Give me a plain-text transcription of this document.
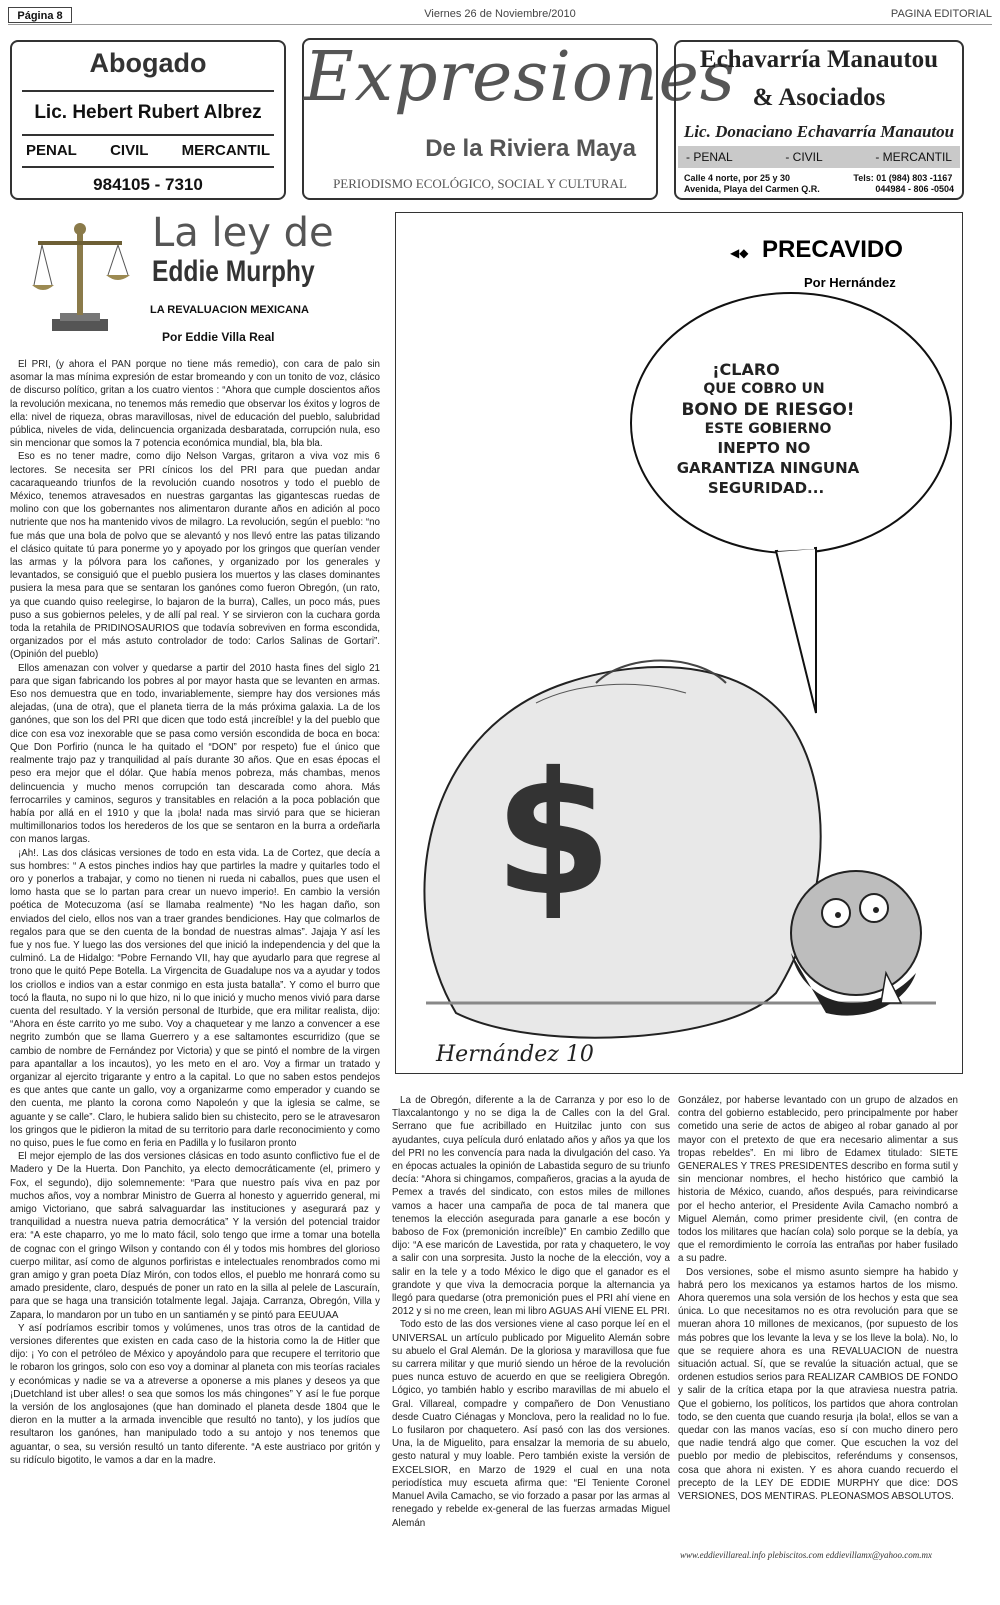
Página 8	Viernes 26 de Noviembre/2010	PAGINA EDITORIAL
Abogado
Lic. Hebert Rubert Albrez
PENAL CIVIL MERCANTIL
984105 - 7310
Expresiones
De la Riviera Maya
PERIODISMO ECOLÓGICO, SOCIAL Y CULTURAL
Echavarría Manautou
& Asociados
Lic. Donaciano Echavarría Manautou
- PENAL	- CIVIL	- MERCANTIL
Calle 4 norte, por 25 y 30
Avenida, Playa del Carmen Q.R.
Tels: 01 (984) 803 -1167
044984 - 806 -0504
La ley de
Eddie Murphy
LA REVALUACION MEXICANA
Por Eddie Villa Real

El PRI, (y ahora el PAN porque no tiene más remedio), con cara de palo sin asomar la mas mínima expresión de estar bromeando y con un tonito de voz, clásico de discurso político, gritan a los cuatro vientos : “Ahora que cumple doscientos años la revolución mexicana, no tenemos más remedio que observar los éxitos y logros de ella: nivel de riqueza, obras maravillosas, nivel de educación del pueblo, salubridad pública, niveles de vida, delincuencia organizada desbaratada, corrupción nula, eso sin mencionar que somos la 7 potencia económica mundial, bla, bla bla.

Eso es no tener madre, como dijo Nelson Vargas, gritaron a viva voz mis 6 lectores. Se necesita ser PRI cínicos los del PRI para que puedan andar cacaraqueando triunfos de la revolución cuando nosotros y todo el pueblo de México, tenemos atravesados en nuestras gargantas las gigantescas ruedas de molino con que los gobernantes nos alimentaron durante años en adición al poco nutriente que nos ha mantenido vivos de milagro. La revolución, según el pueblo: “no fue más que una bola de polvo que se alevantó y nos llevó entre las patas tilizando el clásico quitate tú para ponerme yo y apoyado por los gringos que querían vender las armas y la pólvora para los cañones, y organizado por los generales y levantados, se consiguió que el pueblo pusiera los muertos y las clases dominantes pusiera la mesa para que se sentaran los ganónes como fueron Obregón, (un rato, ya que cuando quiso reelegirse, lo bajaron de la burra), Calles, un poco más, pues puso a sus gobiernos peleles, y de allí pal real. Y se sirvieron con la cuchara gorda toda la retahila de PRIDINOSAURIOS que todavía sobreviven en forma escondida, organizados por el más astuto controlador de todo: Carlos Salinas de Gortari”. (Opinión del pueblo)

Ellos amenazan con volver y quedarse a partir del 2010 hasta fines del siglo 21 para que sigan fabricando los pobres al por mayor hasta que se levanten en armas. Eso nos demuestra que en todo, invariablemente, siempre hay dos versiones más alejadas, (una de otra), que el planeta tierra de la más próxima galaxia. La de los ganónes, que son los del PRI que dicen que todo está ¡increíble! y la del pueblo que dice con esa voz inexorable que se pasa como versión escondida de boca en boca: Que Don Porfirio (nunca le ha quitado el “DON” por respeto) fue el único que realmente trajo paz y tranquilidad al país durante 30 años. Que en esas épocas el peso era mejor que el dólar. Que había menos pobreza, más chambas, menos delincuencia y mucho menos corrupción tan descarada como ahora. Más ferrocarriles y caminos, seguros y transitables en relación a la poca población que había por allá en el 1910 y que la ¡bola! nada mas sirvió para que se hicieran multimillonarios todos los herederos de los que se sentaron en la burra a ordeñarla con manos largas.

¡Ah!. Las dos clásicas versiones de todo en esta vida. La de Cortez, que decía a sus hombres: “ A estos pinches indios hay que partirles la madre y quitarles todo el oro y ponerlos a trabajar, y como no tienen ni rueda ni caballos, pues que usen el lomo hasta que se lo partan para crear un nuevo imperio!. En cambio la versión poética de Motecuzoma (así se llamaba realmente) “No les hagan daño, son enviados del cielo, ellos nos van a traer grandes bendiciones. Hay que colmarlos de regalos para que se den cuenta de la bondad de nuestras almas”. Jajaja Y así les fue y nos fue. Y luego las dos versiones del que inició la independencia y del que la culminó. La de Hidalgo: “Pobre Fernando VII, hay que ayudarlo para que regrese al trono que le quitó Pepe Botella. La Virgencita de Guadalupe nos va a ayudar y todos los criollos e indios van a estar conmigo en esta justa batalla”. Y como el burro que tocó la flauta, no supo ni lo que hizo, ni lo que inició y mucho menos vivió para darse cuenta del resultado. Y la versión personal de Iturbide, que era militar realista, dijo: “Ahora en éste carrito yo me subo. Voy a chaquetear y me lanzo a convencer a ese negrito zumbón que se llama Guerrero y a ese saltamontes escurridizo (que se cambio de nombre de Fernández por Victoria) y que se pintó el nombre de la virgen para apantallar a los incautos), yo les meto en el aro. Voy a firmar un tratado y organizar al ejercito trigarante y entro a la capital. Lo que no saben estos pendejos es que antes que cante un gallo, voy a organizarme como emperador y cuando se den cuenta, me planto la corona como Napoleón y que la iglesia se calme, se aguante y se calle”. Claro, le hubiera salido bien su chistecito, pero se le atravesaron los gringos que le pidieron la mitad de su territorio para darle reconocimiento y como no quiso, pues le fue como en feria en Padilla y lo fusilaron pronto

El mejor ejemplo de las dos versiones clásicas en todo asunto conflictivo fue el de Madero y De la Huerta. Don Panchito, ya electo democráticamente (el, primero y Fox, el segundo), dijo solemnemente: “Para que nuestro país viva en paz por muchos años, voy a nombrar Ministro de Guerra al honesto y aguerrido general, mi amigo Victoriano, que sabrá salvaguardar las instituciones y asegurará paz y tranquilidad a nuestra nueva patria democrática” Y la versión del potencial traidor era: “A este chaparro, yo me lo mato fácil, solo tengo que irme a tomar una botella de cognac con el gringo Wilson y contando con él y todos mis hombres del glorioso cuerpo militar, así como de algunos porfiristas e intelectuales renombrados como mi gran amigo y gran poeta Díaz Mirón, con todos ellos, el pueblo me honrará como su amado presidente, claro, después de poner un rato en la silla al pelele de Lascuraín, para que se haga una transición totalmente legal. Jajaja. Carranza, Obregón, Villa y Zapara, lo mandaron por un tubo en un santiamén y se pintó para EEUUAA

Y así podríamos escribir tomos y volúmenes, unos tras otros de la cantidad de versiones diferentes que existen en cada caso de la historia como la de Hitler que dijo: ¡ Yo con el petróleo de México y apoyándolo para que recupere el territorio que le robaron los gringos, solo con eso voy a dominar al planeta con mis teorías raciales y económicas y nadie se va a atreverse a oponerse a mis planes y deseos ya que ¡Duetchland ist uber alles! o sea que somos los más chingones” Y así le fue porque la versión de los anglosajones (que han dominado el planeta desde 1804 que le dieron en la mutter a la armada invencible que resultó no tanto), y los judíos que resultaron los ganónes, han manipulado todo a su antojo y nos tenemos que aguantar, o sea, su versión resultó un tanto diferente. “A este austriaco por gritón y su ridículo bigotito, le vamos a dar en la madre.

◀◆ PRECAVIDO
Por Hernández
¡CLARO
QUE COBRO UN
BONO DE RIESGO!
ESTE GOBIERNO
INEPTO NO
GARANTIZA NINGUNA
SEGURIDAD...
$
Hernández 10

La de Obregón, diferente a la de Carranza y por eso lo de Tlaxcalantongo y no se diga la de Calles con la del Gral. Serrano que fue acribillado en Huitzilac junto con sus ayudantes, cuya película duró enlatado años y años ya que los del PRI no les convencía para nada la divulgación del caso. Ya en épocas actuales la opinión de Labastida seguro de su triunfo decía: “Ahora si chingamos, compañeros, gracias a la ayuda de Pemex a través del sindicato, con estos miles de millones vamos a hacer una campaña de poca de tal manera que tenemos la elección asegurada para ganarle a ese bocón y baboso de Fox (premonición increíble)” En cambio Zedillo que dijo: “A ese maricón de Lavestida, por rata y chaquetero, le voy a salir con una sorpresita. Justo la noche de la elección, voy a salir en la tele y a todo México le digo que el ganador es el grandote y que viva la democracia porque la alternancia ya llegó para quedarse (otra premonición pues el PRI ahí viene en 2012 y si no me creen, lean mi libro AGUAS AHÍ VIENE EL PRI.

Todo esto de las dos versiones viene al caso porque leí en el UNIVERSAL un artículo publicado por Miguelito Alemán sobre su abuelo el Gral Alemán. De la gloriosa y maravillosa que fue su carrera militar y que murió siendo un héroe de la revolución pues nunca estuvo de acuerdo en que se reeligiera Obregón. Lógico, yo también hablo y escribo maravillas de mi abuelo el Gral. Villareal, compadre y compañero de Don Venustiano desde Cuatro Ciénagas y Monclova, pero la realidad no lo fue. Lo fusilaron por chaquetero. Así pasó con las dos versiones. Una, la de Miguelito, para ensalzar la memoria de su abuelo, gesto natural y muy loable. Pero también existe la versión de EXCELSIOR, en Marzo de 1929 el cual en una nota periodística muy escueta afirma que: “El Teniente Coronel Manuel Avila Camacho, se vio forzado a pasar por las armas al renegado y rebelde ex-general de las fuerzas armadas Miguel Alemán

González, por haberse levantado con un grupo de alzados en contra del gobierno establecido, pero principalmente por haber cometido una serie de actos de abigeo al robar ganado al por mayor con el pretexto de que era necesario alimentar a sus tropas rebeldes”. En mi libro de Edamex titulado: SIETE GENERALES Y TRES PRESIDENTES describo en forma sutil y sin mencionar nombres, el hecho histórico que cambió la historia de México, cuando, años después, para reivindicarse por el hecho anterior, el Presidente Avila Camacho nombró a Miguel Alemán, como primer presidente civil, (en contra de todos los militares que hacían cola) solo porque se la debía, ya que el remordimiento le corroía las entrañas por haber fusilado a su padre.

Dos versiones, sobe el mismo asunto siempre ha habido y habrá pero los mexicanos ya estamos hartos de los mismo. Ahora queremos una sola versión de los hechos y esta que sea única. Lo que necesitamos no es otra revolución para que se mueran ahora 10 millones de mexicanos, (por supuesto de los más pobres que los levante la leva y se los lleve la bola). No, lo que se requiere ahora es una REVALUACION de nuestra situación actual. Sí, que se revalúe la situación actual, que se ordenen estudios serios para REALIZAR CAMBIOS DE FONDO y salir de la crítica etapa por la que atraviesa nuestra patria. Que el gobierno, los políticos, los partidos que ahora controlan todo, se den cuenta que cuando resurja ¡la bola!, ellos se van a quedar con las manos vacías, eso sí con mucho dinero pero que nadie tendrá algo que comer. Que escuchen la voz del pueblo por medio de plebiscitos, referéndums y consensos, cosa que ahora ni existen. Y es ahora cuando recuerdo el precepto de la LEY DE EDDIE MURPHY que dice: DOS VERSIONES, DOS MENTIRAS. PLEONASMOS ABSOLUTOS.

www.eddievillareal.info plebiscitos.com eddievillamx@yahoo.com.mx
